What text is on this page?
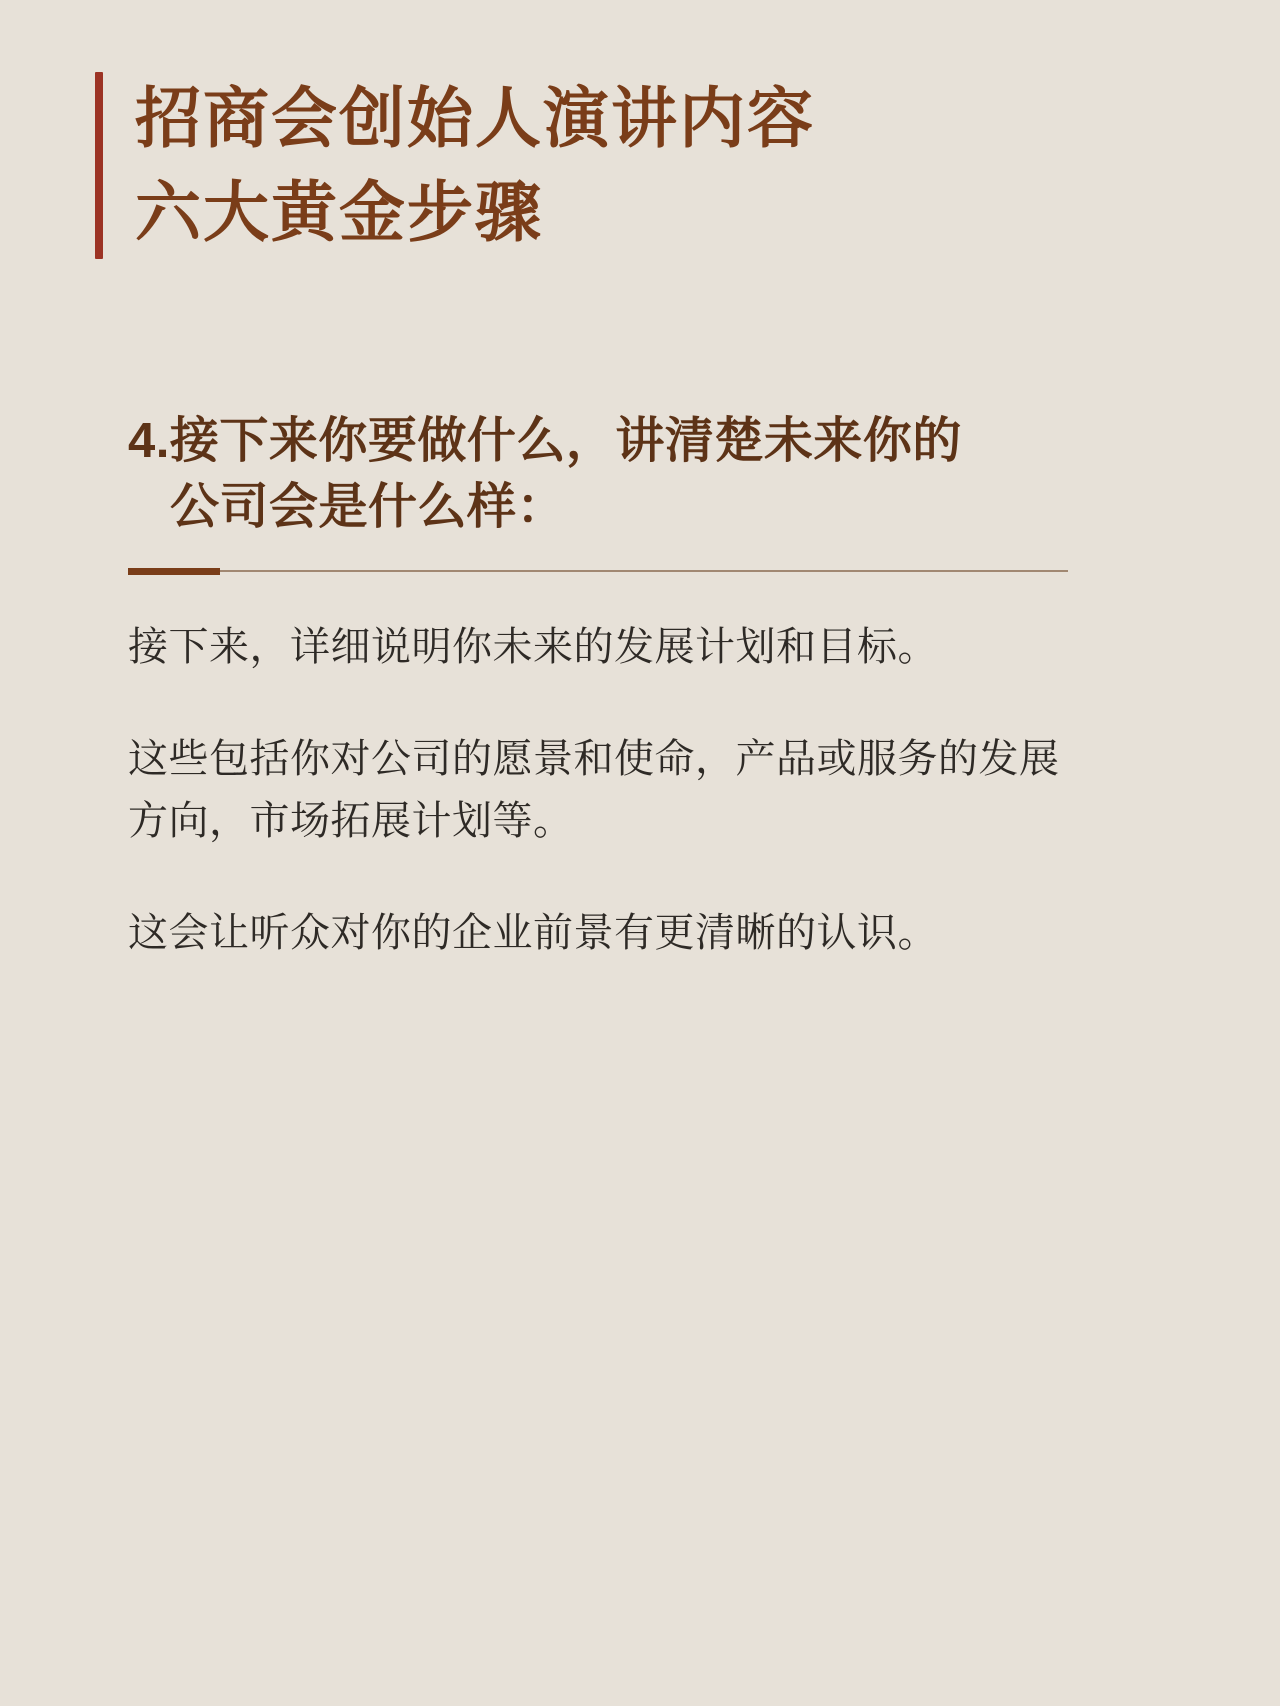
招商会创始人演讲内容
六大黄金步骤
4.接下来你要做什么，讲清楚未来你的
公司会是什么样：

接下来，详细说明你未来的发展计划和目标。

这些包括你对公司的愿景和使命，产品或服务的发展方向，市场拓展计划等。

这会让听众对你的企业前景有更清晰的认识。
